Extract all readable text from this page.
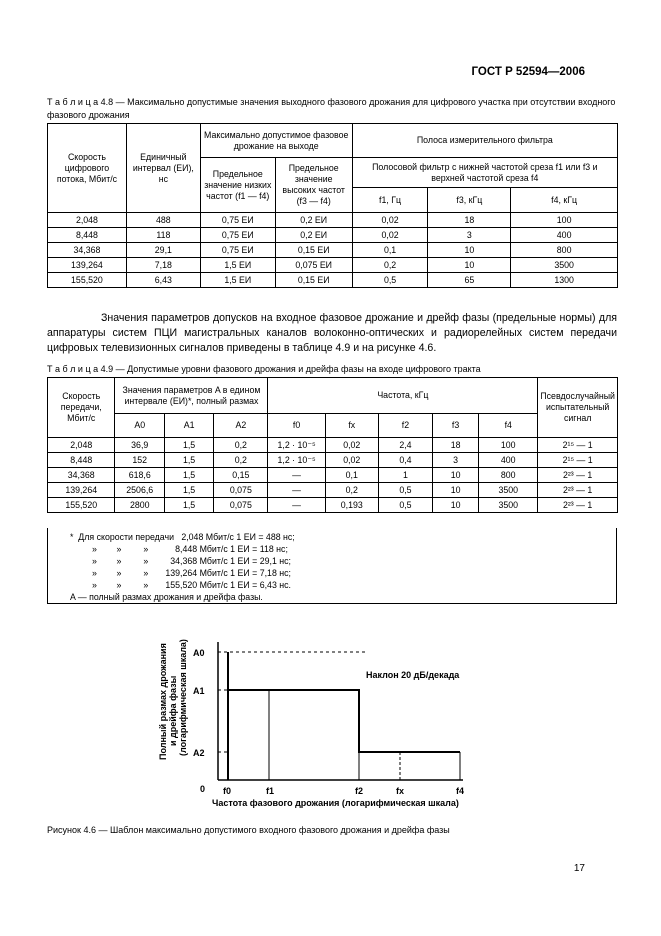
ГОСТ Р 52594—2006
Т а б л и ц а 4.8 — Максимально допустимые значения выходного фазового дрожания для цифрового участка при отсутствии входного фазового дрожания
Скорость цифрового потока, Мбит/с	Единичный интервал (ЕИ), нс	Максимально допустимое фазовое дрожание на выходе		Полоса измерительного фильтра		
		Предельное значение низких частот (f1 — f4)	Предельное значение высоких частот (f3 — f4)	Полосовой фильтр с нижней частотой среза f1 или f3 и верхней частотой среза f4		
				f1, Гц	f3, кГц	f4, кГц
2,048	488	0,75 ЕИ	0,2 ЕИ	0,02	18	100
8,448	118	0,75 ЕИ	0,2 ЕИ	0,02	3	400
34,368	29,1	0,75 ЕИ	0,15 ЕИ	0,1	10	800
139,264	7,18	1,5 ЕИ	0,075 ЕИ	0,2	10	3500
155,520	6,43	1,5 ЕИ	0,15 ЕИ	0,5	65	1300
Значения параметров допусков на входное фазовое дрожание и дрейф фазы (предельные нормы) для аппаратуры систем ПЦИ магистральных каналов волоконно-оптических и радиорелейных систем передачи цифровых телевизионных сигналов приведены в таблице 4.9 и на рисунке 4.6.
Т а б л и ц а 4.9 — Допустимые уровни фазового дрожания и дрейфа фазы на входе цифрового тракта
Скорость передачи, Мбит/с	Значения параметров A в едином интервале (ЕИ)*, полный размах			Частота, кГц					Псевдослучайный испытательный сигнал
	A0	A1	A2	f0	fx	f2	f3	f4	
2,048	36,9	1,5	0,2	1,2 · 10⁻⁵	0,02	2,4	18	100	2¹⁵ — 1
8,448	152	1,5	0,2	1,2 · 10⁻⁵	0,02	0,4	3	400	2¹⁵ — 1
34,368	618,6	1,5	0,15	—	0,1	1	10	800	2²³ — 1
139,264	2506,6	1,5	0,075	—	0,2	0,5	10	3500	2²³ — 1
155,520	2800	1,5	0,075	—	0,193	0,5	10	3500	2²³ — 1
*  Для скорости передачи   2,048 Мбит/с 1 ЕИ = 488 нс;
»        »         »           8,448 Мбит/с 1 ЕИ = 118 нс;
»        »         »         34,368 Мбит/с 1 ЕИ = 29,1 нс;
»        »         »       139,264 Мбит/с 1 ЕИ = 7,18 нс;
»        »         »       155,520 Мбит/с 1 ЕИ = 6,43 нс.
A — полный размах дрожания и дрейфа фазы.
A0
A1
A2
0 f0	f1	f2	fx	f4
Наклон 20 дБ/декада
Частота фазового дрожания (логарифмическая шкала)
Полный размах дрожания и дрейфа фазы (логарифмическая шкала)
Рисунок 4.6 — Шаблон максимально допустимого входного фазового дрожания и дрейфа фазы
17
